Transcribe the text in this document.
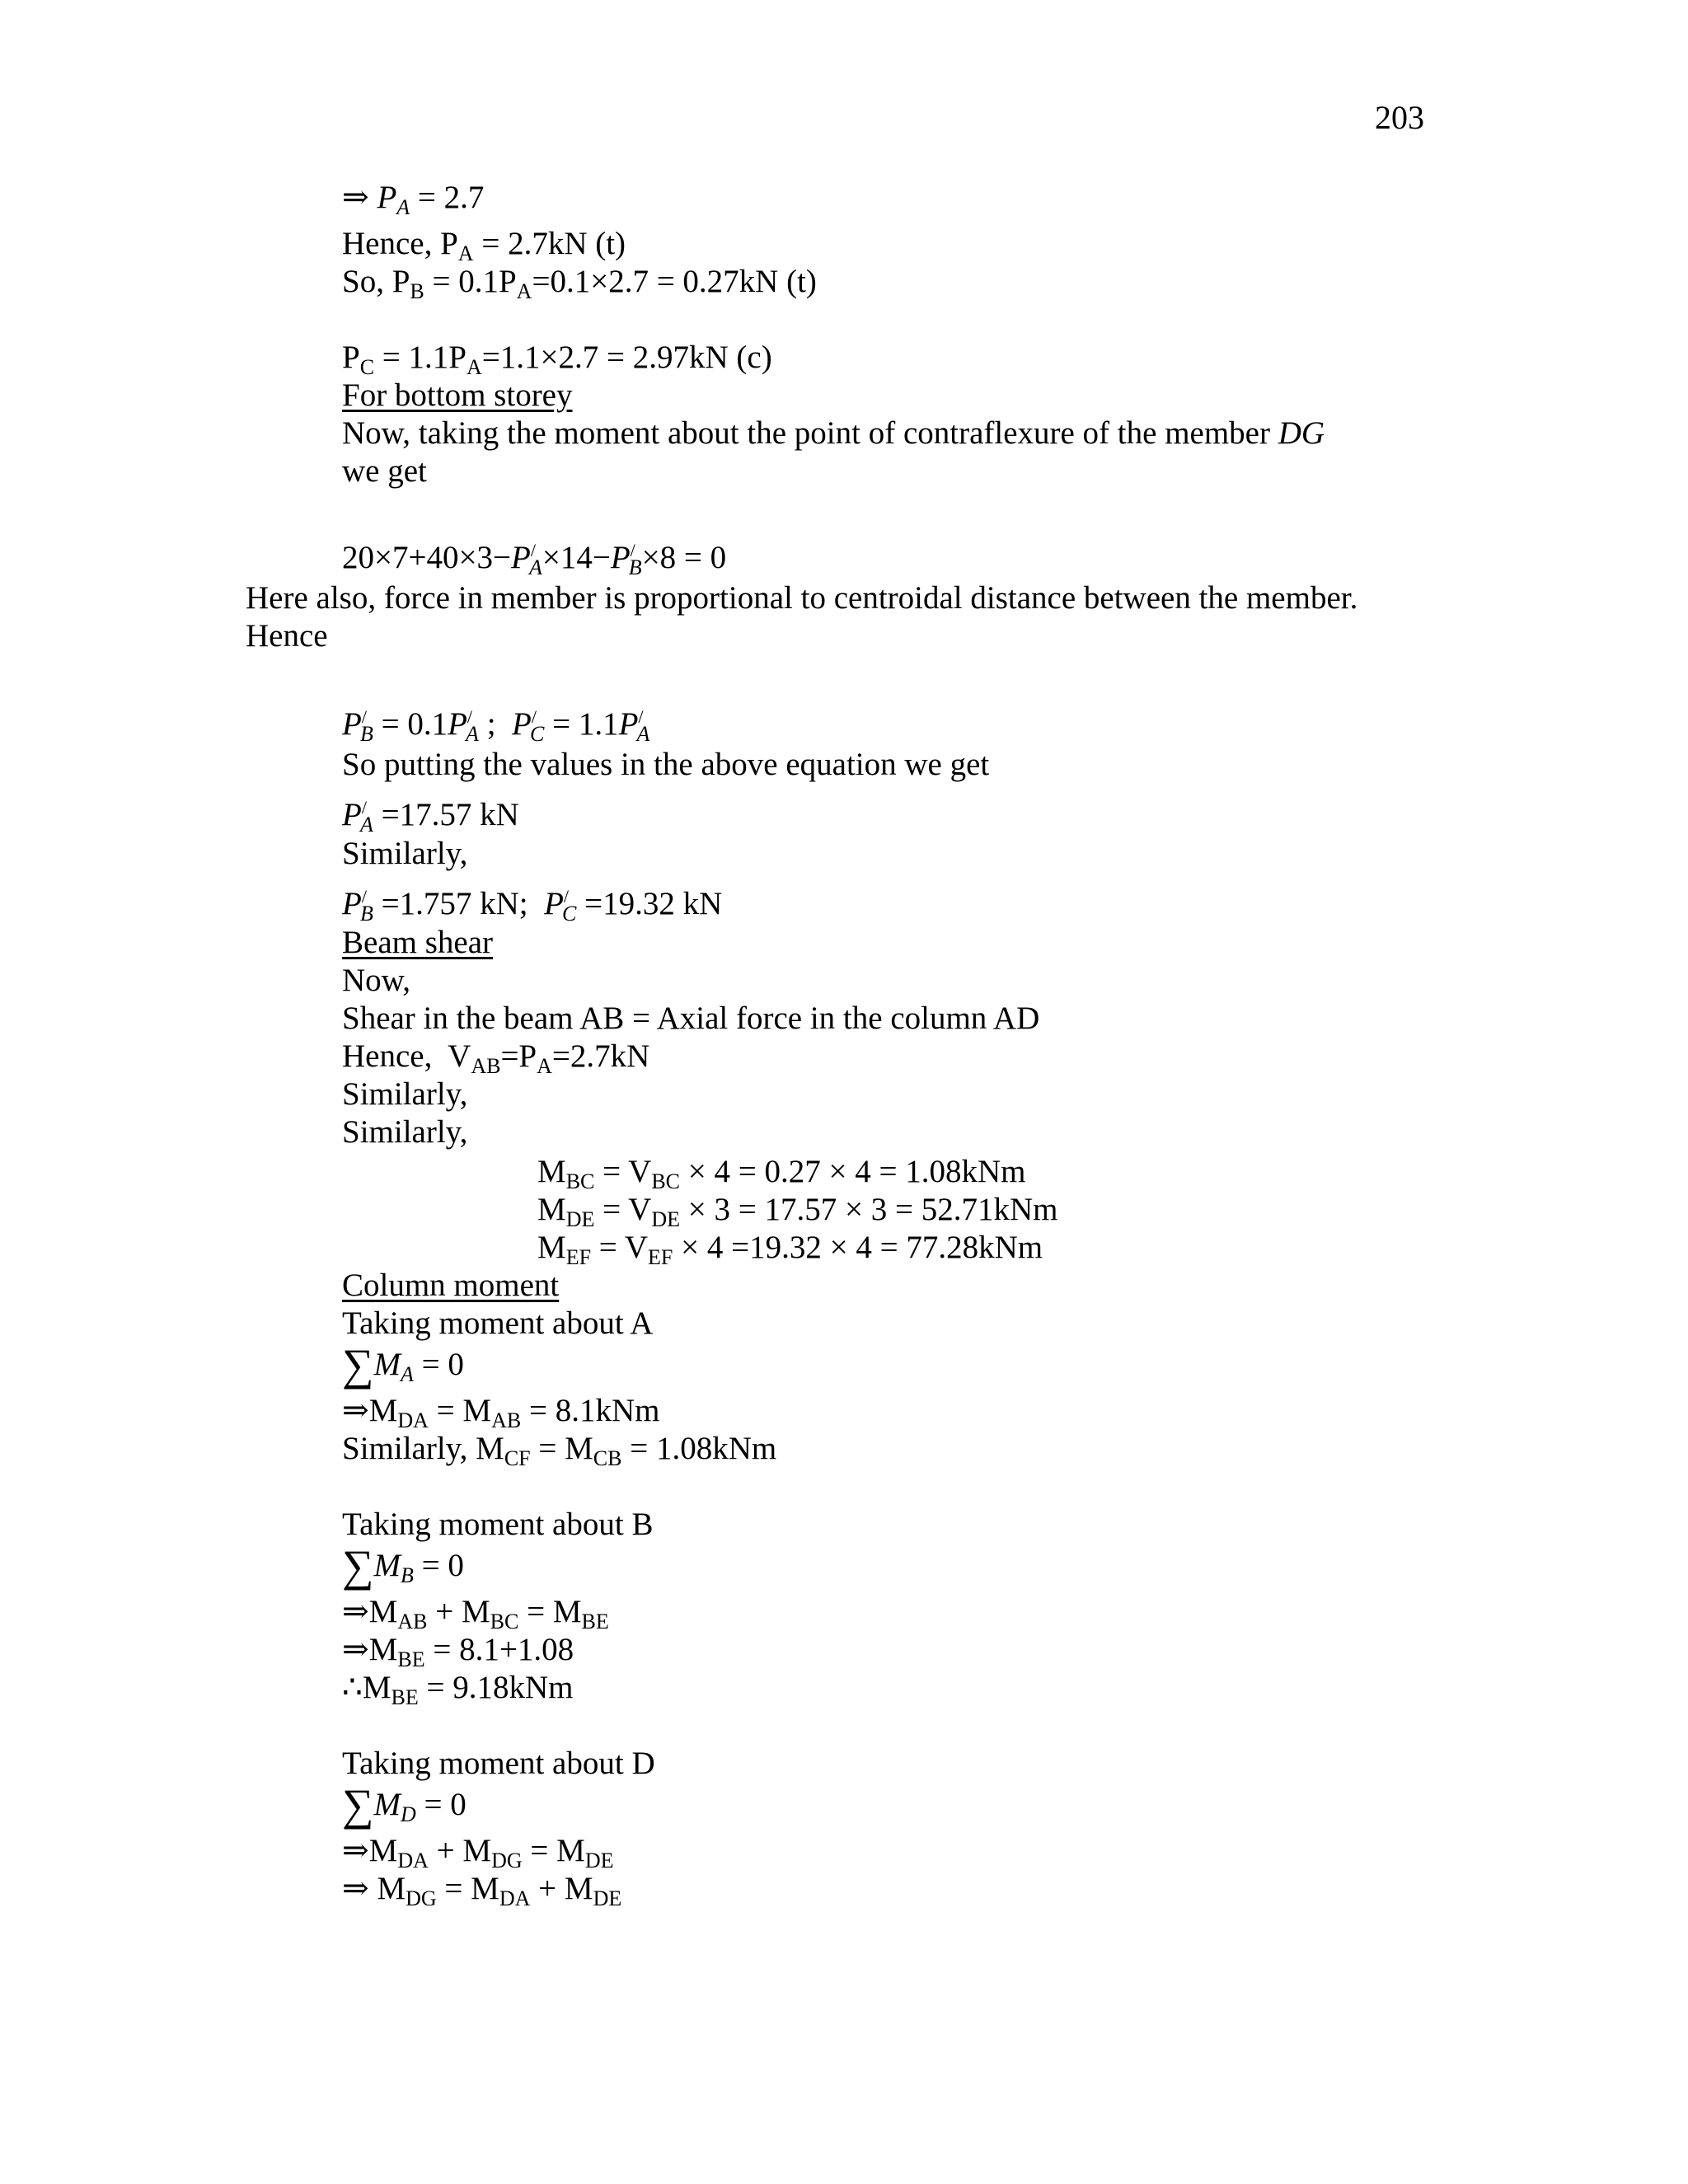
203
⇒ $P_A = 2.7$
Hence, $P_A = 2.7kN$ (t)
So, $P_B = 0.1P_A=0.1\times 2.7 = 0.27kN$ (t)
$P_C = 1.1P_A=1.1\times 2.7 = 2.97kN$ (c)
For bottom storey
Now, taking the moment about the point of contraflexure of the member DG
we get
$20\times 7+40\times 3-P^/_A\times 14-P^/_B\times 8 = 0$
Here also, force in member is proportional to centroidal distance between the member.
Hence
$P^/_B = 0.1P^/_A$ ;  $P^/_C = 1.1P^/_A$
So putting the values in the above equation we get
$P^/_A =17.57$ kN
Similarly,
$P^/_B =1.757$ kN;  $P^/_C =19.32$ kN
Beam shear
Now,
Shear in the beam AB = Axial force in the column AD
Hence,  $V_{AB}=P_A=2.7kN$
Similarly,
Similarly,
$M_{BC} = V_{BC} \times 4 = 0.27 \times 4 = 1.08kNm$
$M_{DE} = V_{DE} \times 3 = 17.57 \times 3 = 52.71kNm$
$M_{EF} = V_{EF} \times 4 =19.32 \times 4 = 77.28kNm$
Column moment
Taking moment about A
$\sum M_A = 0$
$\Rightarrow M_{DA} = M_{AB} = 8.1kNm$
Similarly, $M_{CF} = M_{CB} = 1.08kNm$
Taking moment about B
$\sum M_B = 0$
$\Rightarrow M_{AB} + M_{BC} = M_{BE}$
$\Rightarrow M_{BE} = 8.1+1.08$
$\therefore M_{BE} = 9.18kNm$
Taking moment about D
$\sum M_D = 0$
$\Rightarrow M_{DA} + M_{DG} = M_{DE}$
⇒ $M_{DG} = M_{DA} + M_{DE}$
